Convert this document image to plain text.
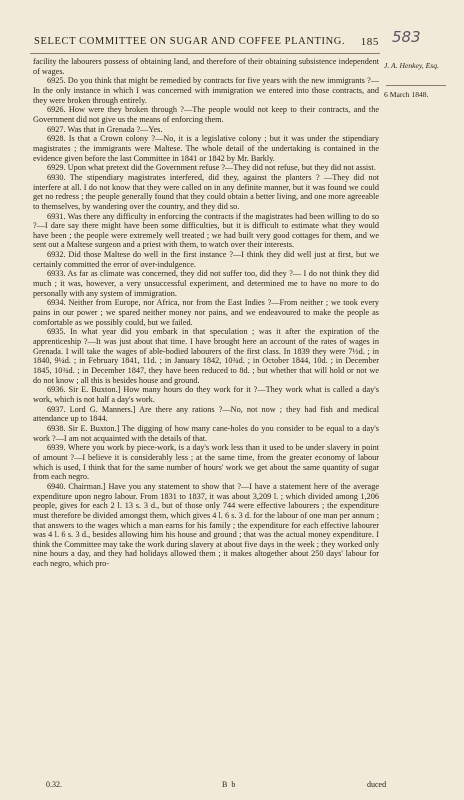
SELECT COMMITTEE ON SUGAR AND COFFEE PLANTING. 185 583
J. A. Henkey, Esq.
6 March 1848.

facility the labourers possess of obtaining land, and therefore of their obtaining subsistence independent of wages.

6925. Do you think that might be remedied by contracts for five years with the new immigrants ?—In the only instance in which I was concerned with immigration we entered into those contracts, and they were broken through entirely.

6926. How were they broken through ?—The people would not keep to their contracts, and the Government did not give us the means of enforcing them.

6927. Was that in Grenada ?—Yes.

6928. Is that a Crown colony ?—No, it is a legislative colony ; but it was under the stipendiary magistrates ; the immigrants were Maltese. The whole detail of the undertaking is contained in the evidence given before the last Committee in 1841 or 1842 by Mr. Barkly.

6929. Upon what pretext did the Government refuse ?—They did not refuse, but they did not assist.

6930. The stipendiary magistrates interfered, did they, against the planters ? —They did not interfere at all. I do not know that they were called on in any definite manner, but it was found we could get no redress ; the people generally found that they could obtain a better living, and one more agreeable to themselves, by wandering over the country, and they did so.

6931. Was there any difficulty in enforcing the contracts if the magistrates had been willing to do so ?—I dare say there might have been some difficulties, but it is difficult to estimate what they would have been ; the people were extremely well treated ; we had built very good cottages for them, and we sent out a Maltese surgeon and a priest with them, to watch over their interests.

6932. Did those Maltese do well in the first instance ?—I think they did well just at first, but we certainly committed the error of over-indulgence.

6933. As far as climate was concerned, they did not suffer too, did they ?— I do not think they did much ; it was, however, a very unsuccessful experiment, and determined me to have no more to do personally with any system of immigration.

6934. Neither from Europe, nor Africa, nor from the East Indies ?—From neither ; we took every pains in our power ; we spared neither money nor pains, and we endeavoured to make the people as comfortable as we possibly could, but we failed.

6935. In what year did you embark in that speculation ; was it after the expiration of the apprenticeship ?—It was just about that time. I have brought here an account of the rates of wages in Grenada. I will take the wages of able-bodied labourers of the first class. In 1839 they were 7½d. ; in 1840, 9¼d. ; in February 1841, 11d. ; in January 1842, 10¾d. ; in October 1844, 10d. ; in December 1845, 10¾d. ; in December 1847, they have been reduced to 8d. ; but whether that will hold or not we do not know ; all this is besides house and ground.

6936. Sir E. Buxton.] How many hours do they work for it ?—They work what is called a day's work, which is not half a day's work.

6937. Lord G. Manners.] Are there any rations ?—No, not now ; they had fish and medical attendance up to 1844.

6938. Sir E. Buxton.] The digging of how many cane-holes do you consider to be equal to a day's work ?—I am not acquainted with the details of that.

6939. Where you work by piece-work, is a day's work less than it used to be under slavery in point of amount ?—I believe it is considerably less ; at the same time, from the greater economy of labour which is used, I think that for the same number of hours' work we get about the same quantity of sugar from each negro.

6940. Chairman.] Have you any statement to show that ?—I have a statement here of the average expenditure upon negro labour. From 1831 to 1837, it was about 3,209 l. ; which divided among 1,206 people, gives for each 2 l. 13 s. 3 d., but of those only 744 were effective labourers ; the expenditure must therefore be divided amongst them, which gives 4 l. 6 s. 3 d. for the labour of one man per annum ; that answers to the wages which a man earns for his family ; the expenditure for each effective labourer was 4 l. 6 s. 3 d., besides allowing him his house and ground ; that was the actual money expenditure. I think the Committee may take the work during slavery at about five days in the week ; they worked only nine hours a day, and they had holidays allowed them ; it makes altogether about 250 days' labour for each negro, which pro-

0.32.	B b	duced
